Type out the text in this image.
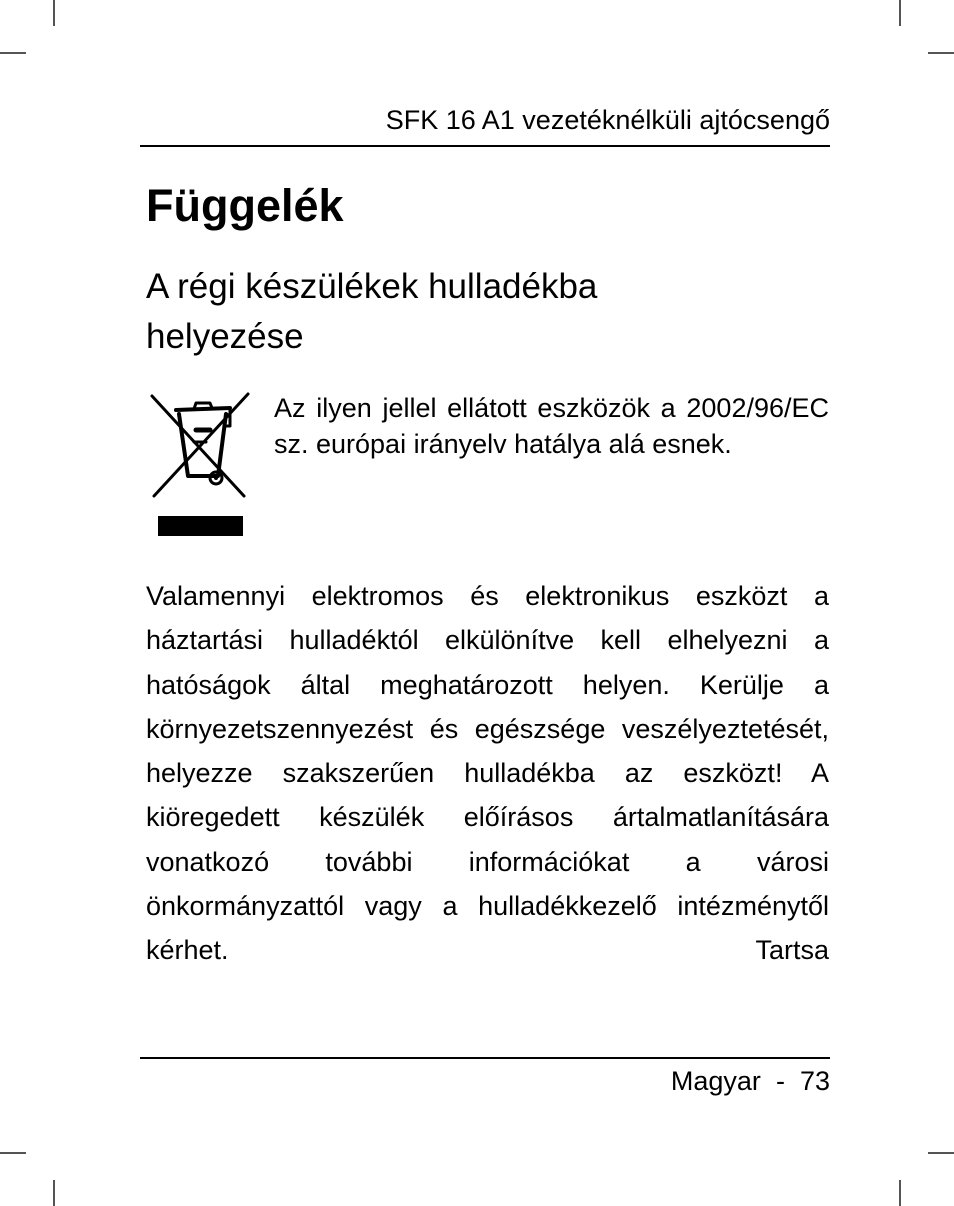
SFK 16 A1 vezetéknélküli ajtócsengő
Függelék
A régi készülékek hulladékba helyezése

Az ilyen jellel ellátott eszközök a 2002/96/EC sz. európai irányelv hatálya alá esnek.

Valamennyi elektromos és elektronikus eszközt a háztartási hulladéktól elkülönítve kell elhelyezni a hatóságok által meghatározott helyen. Kerülje a környezetszennyezést és egészsége veszélyeztetését, helyezze szakszerűen hulladékba az eszközt! A kiöregedett készülék előírásos ártalmatlanítására vonatkozó további információkat a városi önkormányzattól vagy a hulladékkezelő intézménytől kérhet. Tartsa

Magyar - 73
